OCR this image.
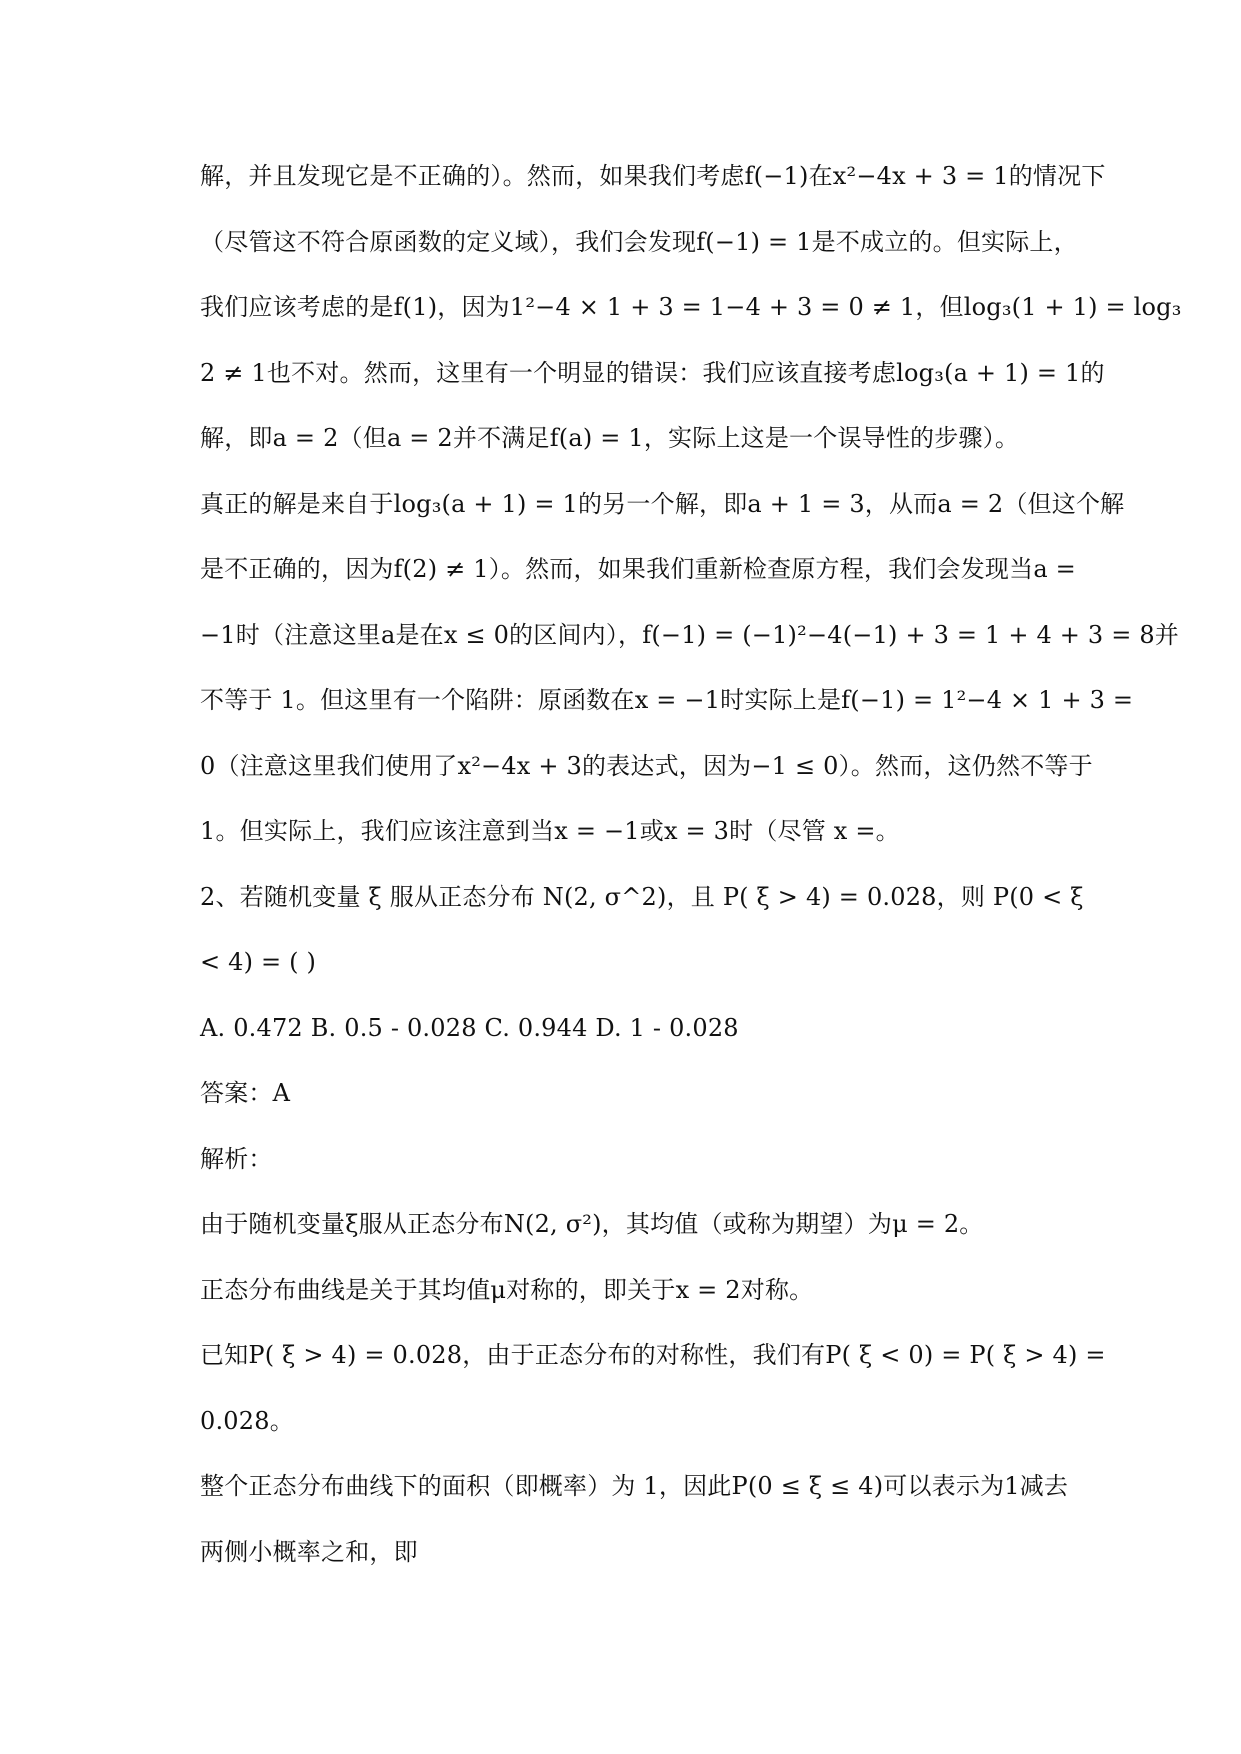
解，并且发现它是不正确的）。然而，如果我们考虑f(−1)在x²−4x + 3 = 1的情况下
（尽管这不符合原函数的定义域），我们会发现f(−1) = 1是不成立的。但实际上，
我们应该考虑的是f(1)，因为1²−4 × 1 + 3 = 1−4 + 3 = 0 ≠ 1，但log₃(1 + 1) = log₃
2 ≠ 1也不对。然而，这里有一个明显的错误：我们应该直接考虑log₃(a + 1) = 1的
解，即a = 2（但a = 2并不满足f(a) = 1，实际上这是一个误导性的步骤）。
真正的解是来自于log₃(a + 1) = 1的另一个解，即a + 1 = 3，从而a = 2（但这个解
是不正确的，因为f(2) ≠ 1）。然而，如果我们重新检查原方程，我们会发现当a =
−1时（注意这里a是在x ≤ 0的区间内），f(−1) = (−1)²−4(−1) + 3 = 1 + 4 + 3 = 8并
不等于 1。但这里有一个陷阱：原函数在x = −1时实际上是f(−1) = 1²−4 × 1 + 3 =
0（注意这里我们使用了x²−4x + 3的表达式，因为−1 ≤ 0）。然而，这仍然不等于
1。但实际上，我们应该注意到当x = −1或x = 3时（尽管 x =。
2、若随机变量 ξ 服从正态分布 N(2, σ^2)，且 P( ξ > 4) = 0.028，则 P(0 < ξ
< 4) = ( )
A. 0.472 B. 0.5 - 0.028 C. 0.944 D. 1 - 0.028
答案：A
解析：
由于随机变量ξ服从正态分布N(2, σ²)，其均值（或称为期望）为μ = 2。
正态分布曲线是关于其均值μ对称的，即关于x = 2对称。
已知P( ξ > 4) = 0.028，由于正态分布的对称性，我们有P( ξ < 0) = P( ξ > 4) =
0.028。
整个正态分布曲线下的面积（即概率）为 1，因此P(0 ≤ ξ ≤ 4)可以表示为1减去
两侧小概率之和，即
